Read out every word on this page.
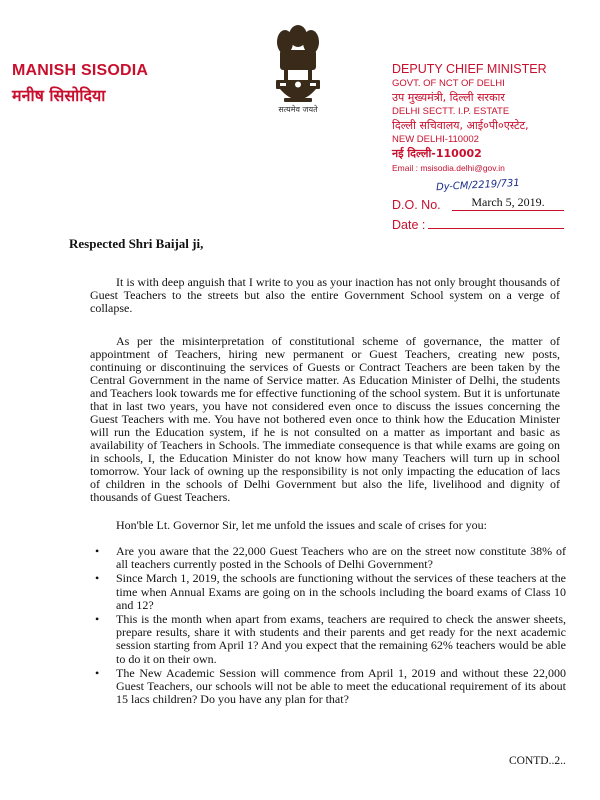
MANISH SISODIA
मनीष सिसोदिया
सत्यमेव जयते
DEPUTY CHIEF MINISTER
GOVT. OF NCT OF DELHI
उप मुख्यमंत्री, दिल्ली सरकार
DELHI SECTT. I.P. ESTATE
दिल्ली सचिवालय, आई०पी०एस्टेट,
NEW DELHI-110002
नई दिल्ली-110002
Email : msisodia.delhi@gov.in
Dy-CM/2219/731
D.O. No.	March 5, 2019.
Date :
Respected Shri Baijal ji,

It is with deep anguish that I write to you as your inaction has not only brought thousands of Guest Teachers to the streets but also the entire Government School system on a verge of collapse.

As per the misinterpretation of constitutional scheme of governance, the matter of appointment of Teachers, hiring new permanent or Guest Teachers, creating new posts, continuing or discontinuing the services of Guests or Contract Teachers are been taken by the Central Government in the name of Service matter. As Education Minister of Delhi, the students and Teachers look towards me for effective functioning of the school system. But it is unfortunate that in last two years, you have not considered even once to discuss the issues concerning the Guest Teachers with me. You have not bothered even once to think how the Education Minister will run the Education system, if he is not consulted on a matter as important and basic as availability of Teachers in Schools. The immediate consequence is that while exams are going on in schools, I, the Education Minister do not know how many Teachers will turn up in school tomorrow. Your lack of owning up the responsibility is not only impacting the education of lacs of children in the schools of Delhi Government but also the life, livelihood and dignity of thousands of Guest Teachers.

Hon'ble Lt. Governor Sir, let me unfold the issues and scale of crises for you:

• Are you aware that the 22,000 Guest Teachers who are on the street now constitute 38% of all teachers currently posted in the Schools of Delhi Government?
• Since March 1, 2019, the schools are functioning without the services of these teachers at the time when Annual Exams are going on in the schools including the board exams of Class 10 and 12?
• This is the month when apart from exams, teachers are required to check the answer sheets, prepare results, share it with students and their parents and get ready for the next academic session starting from April 1? And you expect that the remaining 62% teachers would be able to do it on their own.
• The New Academic Session will commence from April 1, 2019 and without these 22,000 Guest Teachers, our schools will not be able to meet the educational requirement of its about 15 lacs children? Do you have any plan for that?
CONTD..2..
